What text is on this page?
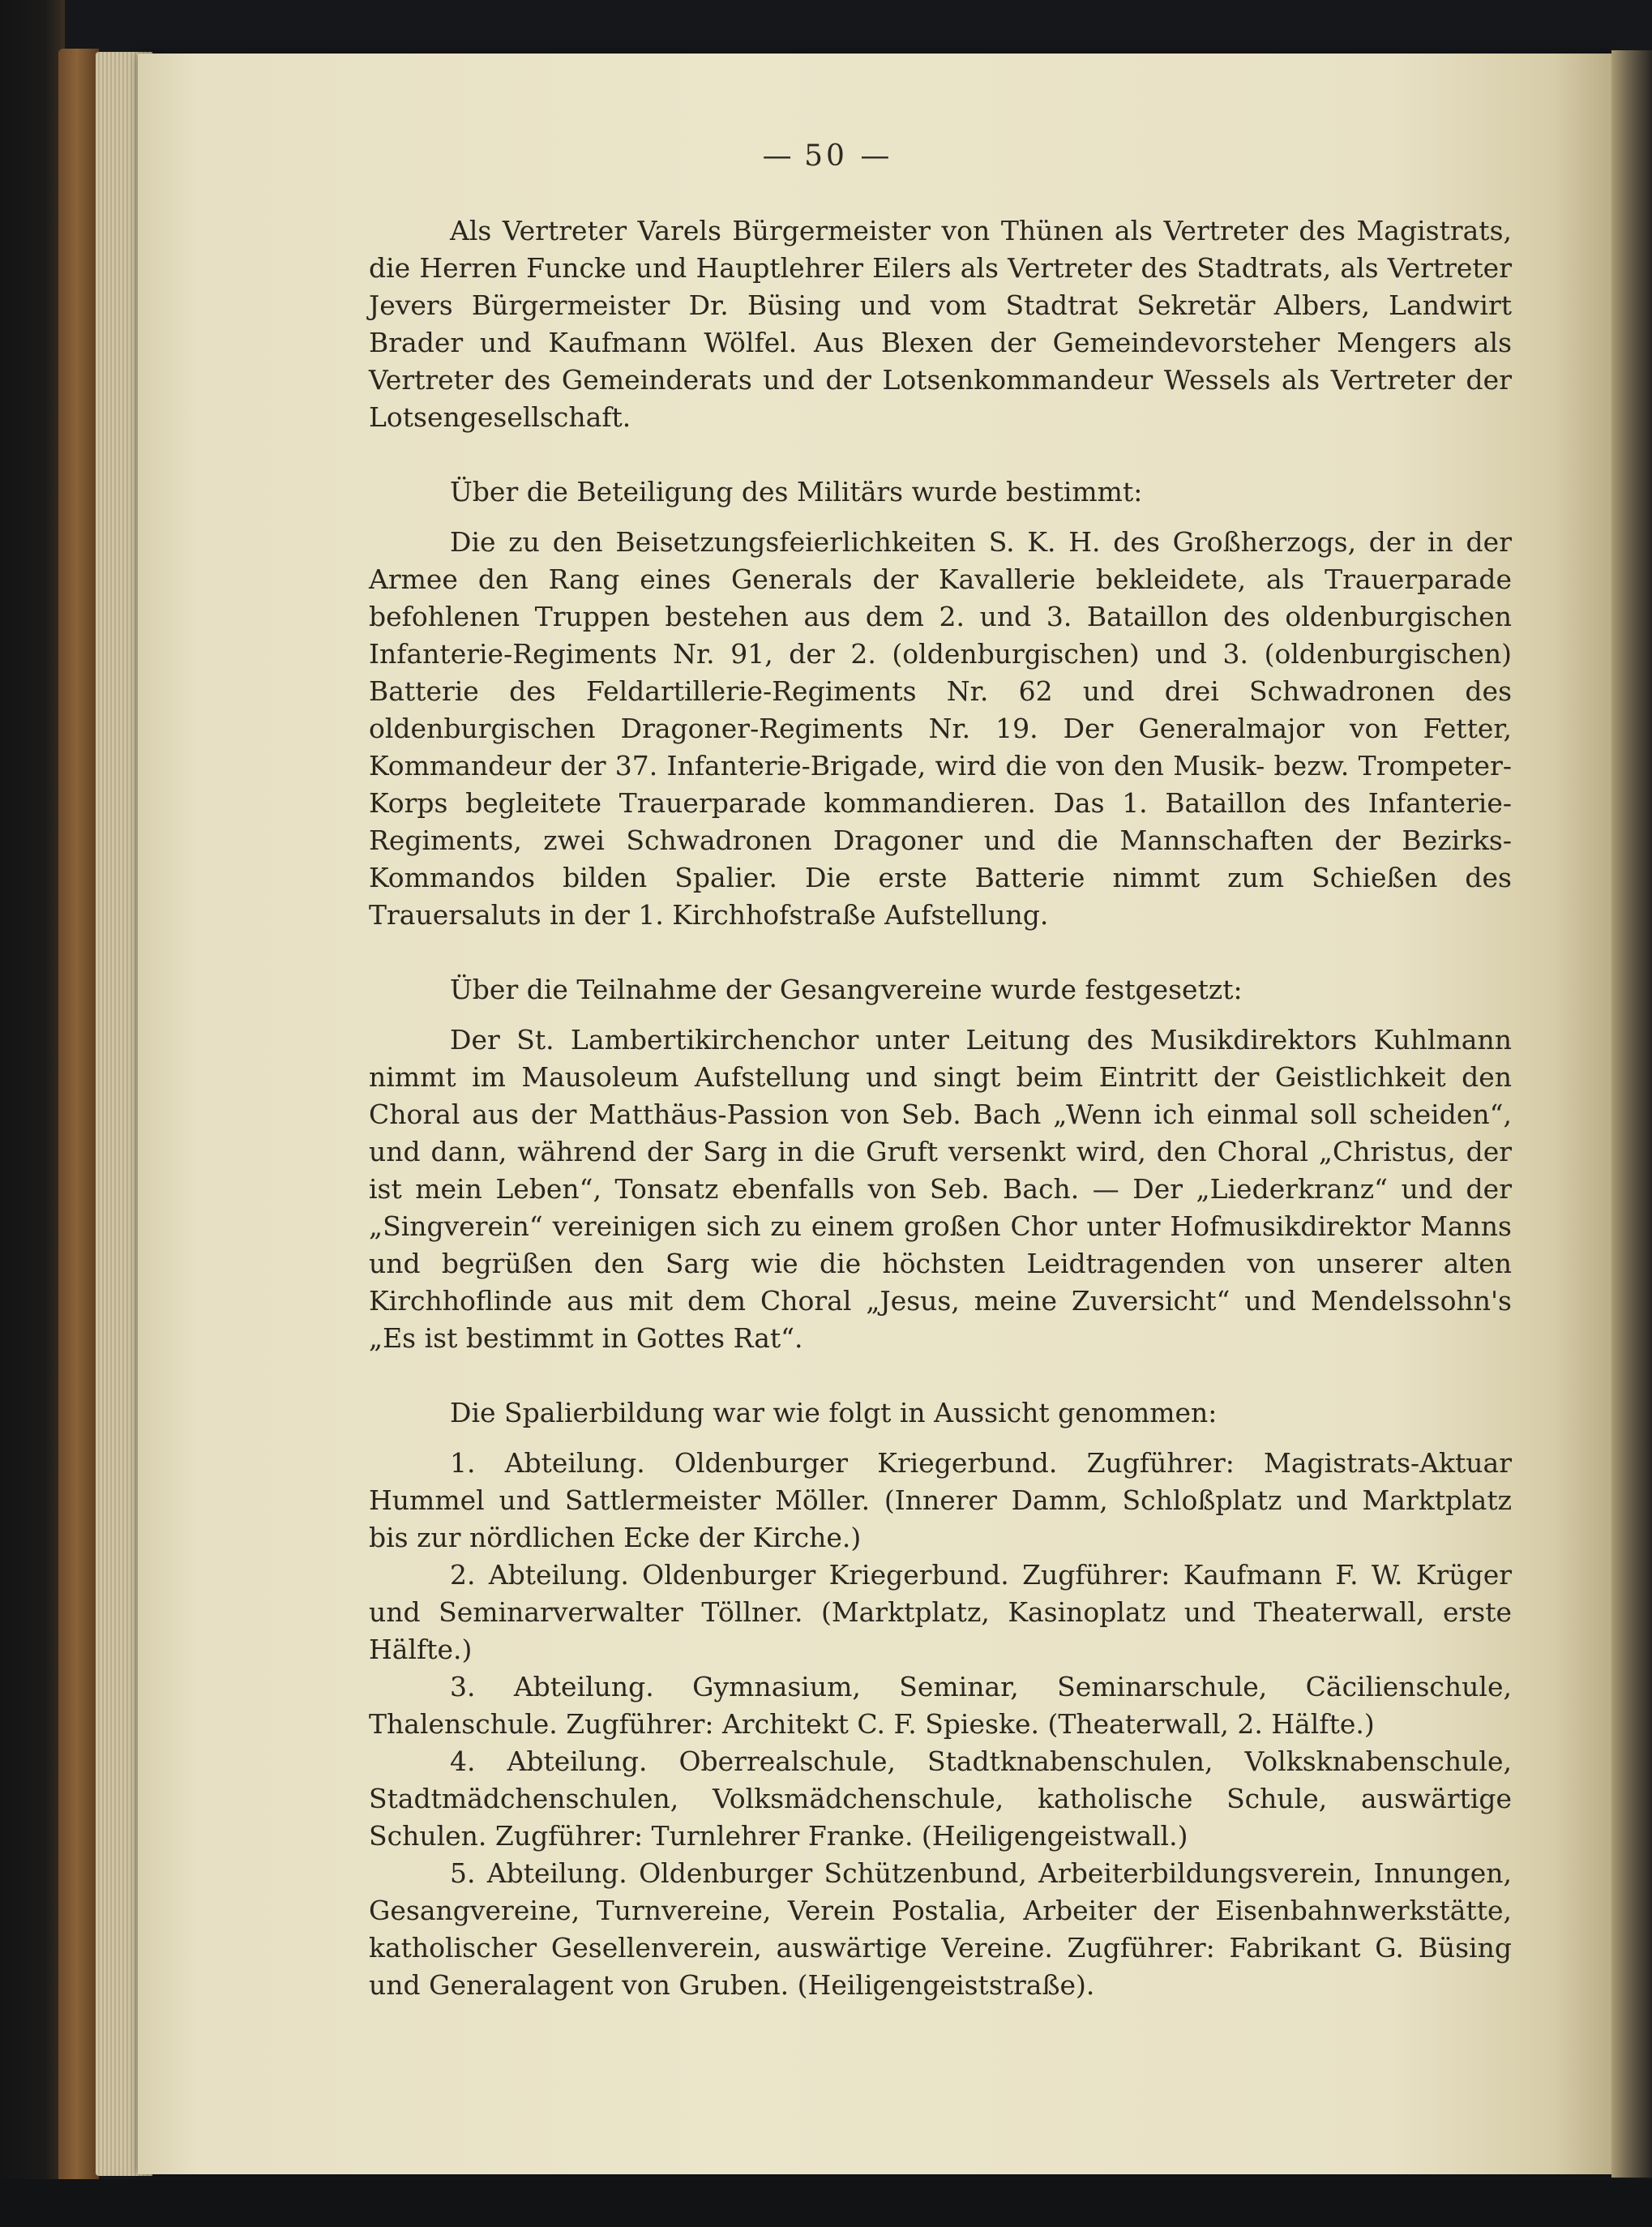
— 50 —

Als Vertreter Varels Bürgermeister von Thünen als Vertreter des Magistrats, die Herren Funcke und Hauptlehrer Eilers als Vertreter des Stadtrats, als Vertreter Jevers Bürgermeister Dr. Büsing und vom Stadtrat Sekretär Albers, Landwirt Brader und Kaufmann Wölfel. Aus Blexen der Gemeindevorsteher Mengers als Vertreter des Gemeinderats und der Lotsenkommandeur Wessels als Vertreter der Lotsengesellschaft.

Über die Beteiligung des Militärs wurde bestimmt:

Die zu den Beisetzungsfeierlichkeiten S. K. H. des Großherzogs, der in der Armee den Rang eines Generals der Kavallerie bekleidete, als Trauerparade befohlenen Truppen bestehen aus dem 2. und 3. Bataillon des oldenburgischen Infanterie-Regiments Nr. 91, der 2. (oldenburgischen) und 3. (oldenburgischen) Batterie des Feldartillerie-Regiments Nr. 62 und drei Schwadronen des oldenburgischen Dragoner-Regiments Nr. 19. Der Generalmajor von Fetter, Kommandeur der 37. Infanterie-Brigade, wird die von den Musik- bezw. Trompeter-Korps begleitete Trauerparade kommandieren. Das 1. Bataillon des Infanterie-Regiments, zwei Schwadronen Dragoner und die Mannschaften der Bezirks-Kommandos bilden Spalier. Die erste Batterie nimmt zum Schießen des Trauersaluts in der 1. Kirchhofstraße Aufstellung.

Über die Teilnahme der Gesangvereine wurde festgesetzt:

Der St. Lambertikirchenchor unter Leitung des Musikdirektors Kuhlmann nimmt im Mausoleum Aufstellung und singt beim Eintritt der Geistlichkeit den Choral aus der Matthäus-Passion von Seb. Bach „Wenn ich einmal soll scheiden“, und dann, während der Sarg in die Gruft versenkt wird, den Choral „Christus, der ist mein Leben“, Tonsatz ebenfalls von Seb. Bach. — Der „Liederkranz“ und der „Singverein“ vereinigen sich zu einem großen Chor unter Hofmusikdirektor Manns und begrüßen den Sarg wie die höchsten Leidtragenden von unserer alten Kirchhoflinde aus mit dem Choral „Jesus, meine Zuversicht“ und Mendelssohn's „Es ist bestimmt in Gottes Rat“.

Die Spalierbildung war wie folgt in Aussicht genommen:

1. Abteilung. Oldenburger Kriegerbund. Zugführer: Magistrats-Aktuar Hummel und Sattlermeister Möller. (Innerer Damm, Schloßplatz und Marktplatz bis zur nördlichen Ecke der Kirche.)

2. Abteilung. Oldenburger Kriegerbund. Zugführer: Kaufmann F. W. Krüger und Seminarverwalter Töllner. (Marktplatz, Kasinoplatz und Theaterwall, erste Hälfte.)

3. Abteilung. Gymnasium, Seminar, Seminarschule, Cäcilienschule, Thalenschule. Zugführer: Architekt C. F. Spieske. (Theaterwall, 2. Hälfte.)

4. Abteilung. Oberrealschule, Stadtknabenschulen, Volksknabenschule, Stadtmädchenschulen, Volksmädchenschule, katholische Schule, auswärtige Schulen. Zugführer: Turnlehrer Franke. (Heiligengeistwall.)

5. Abteilung. Oldenburger Schützenbund, Arbeiterbildungsverein, Innungen, Gesangvereine, Turnvereine, Verein Postalia, Arbeiter der Eisenbahnwerkstätte, katholischer Gesellenverein, auswärtige Vereine. Zugführer: Fabrikant G. Büsing und Generalagent von Gruben. (Heiligengeiststraße).
